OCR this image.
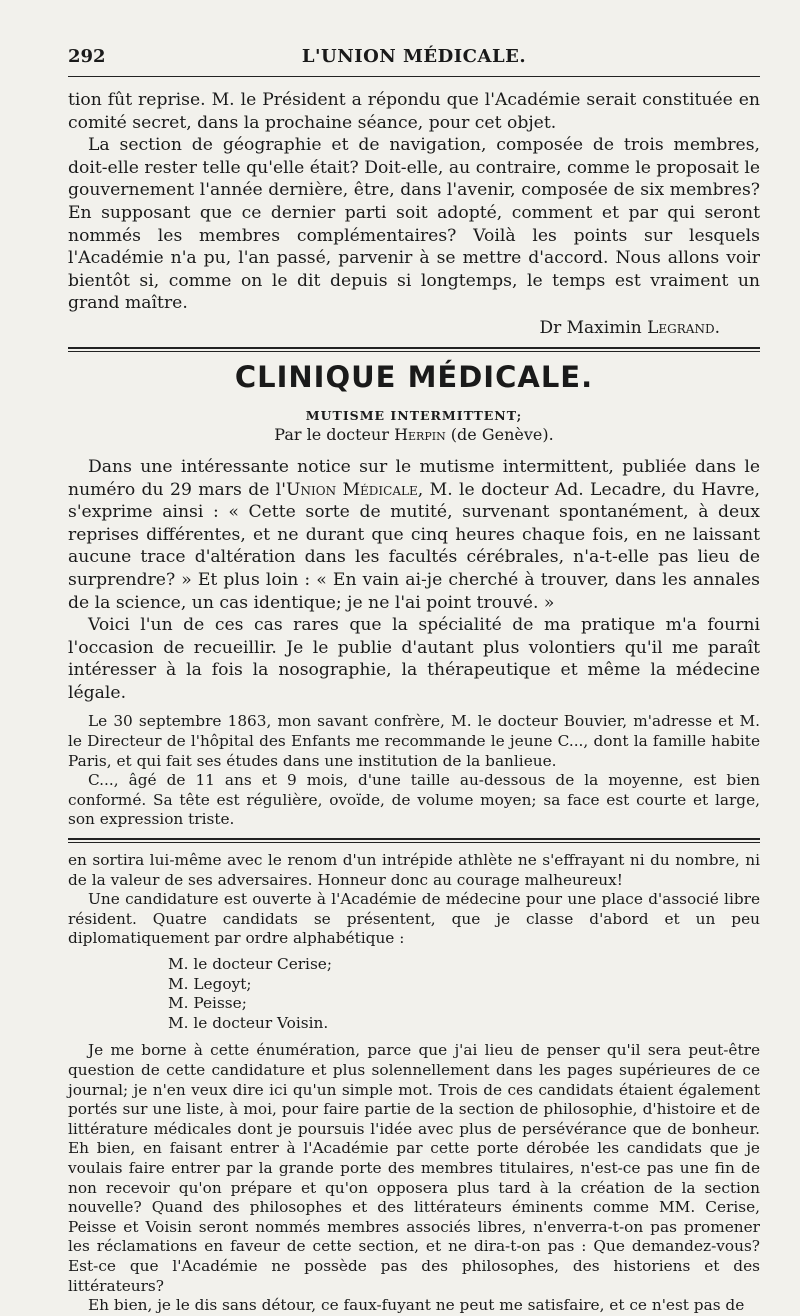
292	L'UNION MÉDICALE.

tion fût reprise. M. le Président a répondu que l'Académie serait constituée en comité secret, dans la prochaine séance, pour cet objet.

La section de géographie et de navigation, composée de trois membres, doit-elle rester telle qu'elle était? Doit-elle, au contraire, comme le proposait le gouvernement l'année dernière, être, dans l'avenir, composée de six membres? En supposant que ce dernier parti soit adopté, comment et par qui seront nommés les membres complémentaires? Voilà les points sur lesquels l'Académie n'a pu, l'an passé, parvenir à se mettre d'accord. Nous allons voir bientôt si, comme on le dit depuis si longtemps, le temps est vraiment un grand maître.

Dr Maximin Legrand.
CLINIQUE MÉDICALE.
MUTISME INTERMITTENT;
Par le docteur Herpin (de Genève).

Dans une intéressante notice sur le mutisme intermittent, publiée dans le numéro du 29 mars de l'Union Médicale, M. le docteur Ad. Lecadre, du Havre, s'exprime ainsi : « Cette sorte de mutité, survenant spontanément, à deux reprises différentes, et ne durant que cinq heures chaque fois, en ne laissant aucune trace d'altération dans les facultés cérébrales, n'a-t-elle pas lieu de surprendre? » Et plus loin : « En vain ai-je cherché à trouver, dans les annales de la science, un cas identique; je ne l'ai point trouvé. »

Voici l'un de ces cas rares que la spécialité de ma pratique m'a fourni l'occasion de recueillir. Je le publie d'autant plus volontiers qu'il me paraît intéresser à la fois la nosographie, la thérapeutique et même la médecine légale.

Le 30 septembre 1863, mon savant confrère, M. le docteur Bouvier, m'adresse et M. le Directeur de l'hôpital des Enfants me recommande le jeune C..., dont la famille habite Paris, et qui fait ses études dans une institution de la banlieue.

C..., âgé de 11 ans et 9 mois, d'une taille au-dessous de la moyenne, est bien conformé. Sa tête est régulière, ovoïde, de volume moyen; sa face est courte et large, son expression triste.

en sortira lui-même avec le renom d'un intrépide athlète ne s'effrayant ni du nombre, ni de la valeur de ses adversaires. Honneur donc au courage malheureux!

Une candidature est ouverte à l'Académie de médecine pour une place d'associé libre résident. Quatre candidats se présentent, que je classe d'abord et un peu diplomatiquement par ordre alphabétique :

M. le docteur Cerise;
M. Legoyt;
M. Peisse;
M. le docteur Voisin.

Je me borne à cette énumération, parce que j'ai lieu de penser qu'il sera peut-être question de cette candidature et plus solennellement dans les pages supérieures de ce journal; je n'en veux dire ici qu'un simple mot. Trois de ces candidats étaient également portés sur une liste, à moi, pour faire partie de la section de philosophie, d'histoire et de littérature médicales dont je poursuis l'idée avec plus de persévérance que de bonheur. Eh bien, en faisant entrer à l'Académie par cette porte dérobée les candidats que je voulais faire entrer par la grande porte des membres titulaires, n'est-ce pas une fin de non recevoir qu'on prépare et qu'on opposera plus tard à la création de la section nouvelle? Quand des philosophes et des littérateurs éminents comme MM. Cerise, Peisse et Voisin seront nommés membres associés libres, n'enverra-t-on pas promener les réclamations en faveur de cette section, et ne dira-t-on pas : Que demandez-vous? Est-ce que l'Académie ne possède pas des philosophes, des historiens et des littérateurs?

Eh bien, je le dis sans détour, ce faux-fuyant ne peut me satisfaire, et ce n'est pas de
